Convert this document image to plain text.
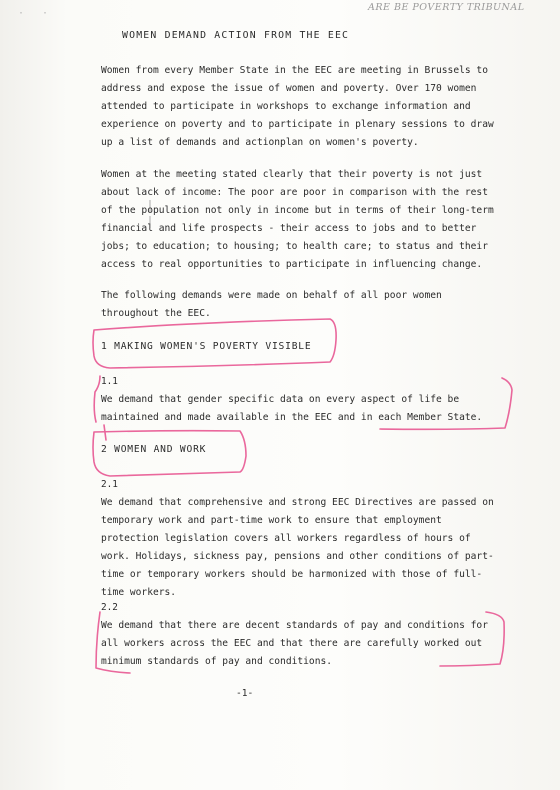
· ·
ARE BE POVERTY TRIBUNAL
WOMEN DEMAND ACTION FROM THE EEC

Women from every Member State in the EEC are meeting in Brussels to address and expose the issue of women and poverty. Over 170 women attended to participate in workshops to exchange information and experience on poverty and to participate in plenary sessions to draw up a list of demands and actionplan on women's poverty.

Women at the meeting stated clearly that their poverty is not just about lack of income: The poor are poor in comparison with the rest of the population not only in income but in terms of their long-term financial and life prospects - their access to jobs and to better jobs; to education; to housing; to health care; to status and their access to real opportunities to participate in influencing change.

The following demands were made on behalf of all poor women throughout the EEC.

1 MAKING WOMEN'S POVERTY VISIBLE
1.1

We demand that gender specific data on every aspect of life be maintained and made available in the EEC and in each Member State.

2 WOMEN AND WORK
2.1

We demand that comprehensive and strong EEC Directives are passed on temporary work and part-time work to ensure that employment protection legislation covers all workers regardless of hours of work. Holidays, sickness pay, pensions and other conditions of part-time or temporary workers should be harmonized with those of full-time workers.

2.2

We demand that there are decent standards of pay and conditions for all workers across the EEC and that there are carefully worked out minimum standards of pay and conditions.

-1-
